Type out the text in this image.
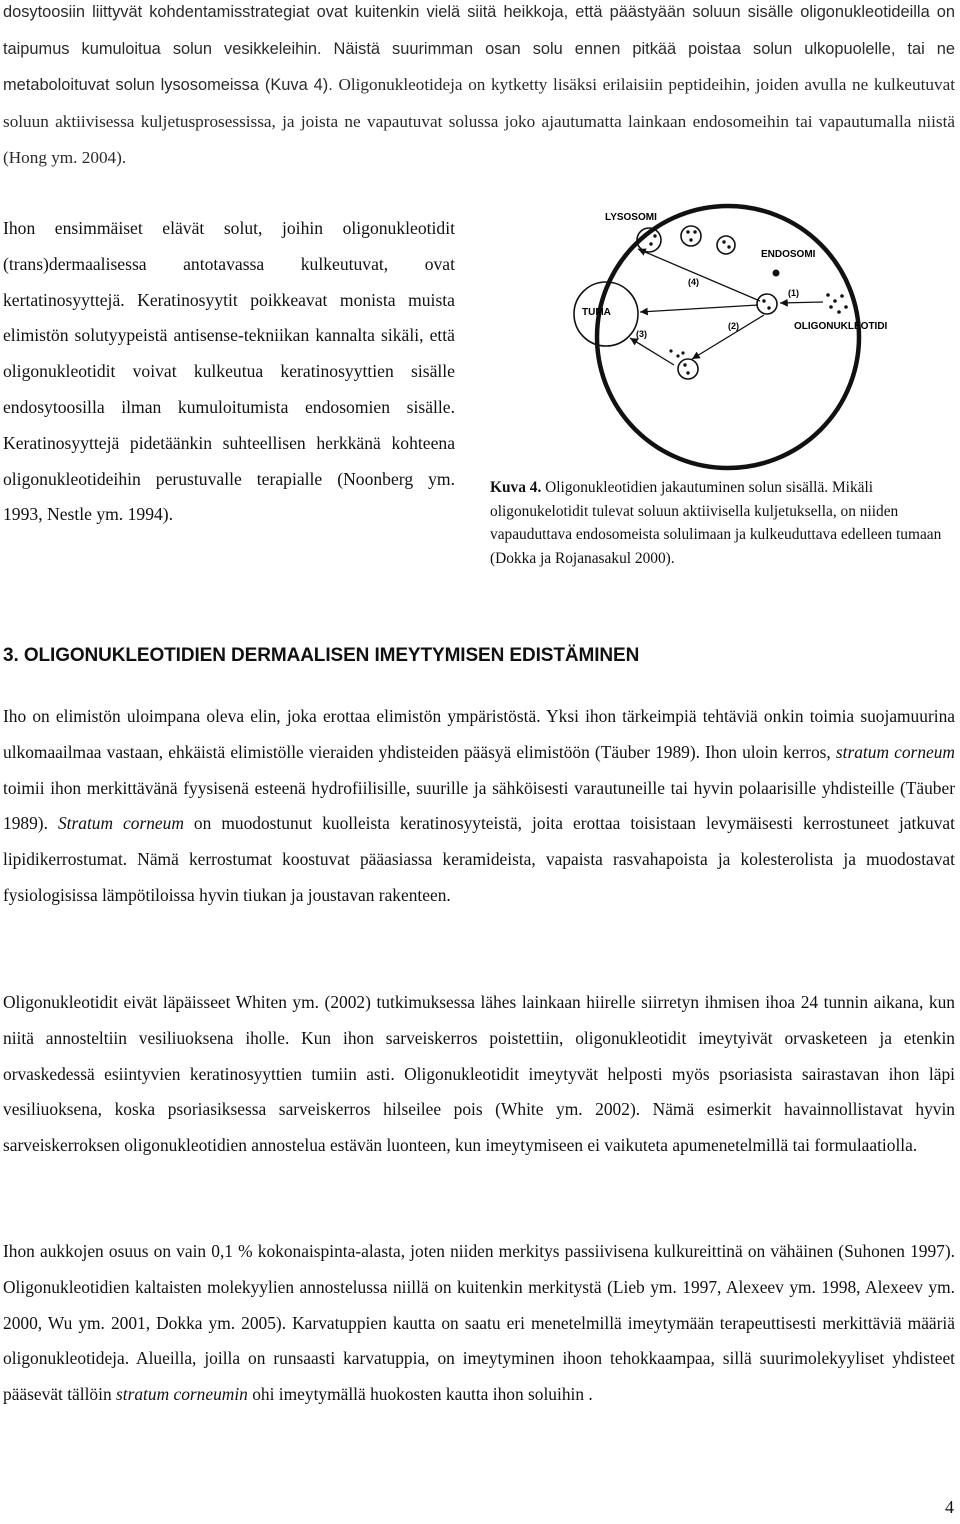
dosytoosiin liittyvät kohdentamisstrategiat ovat kuitenkin vielä siitä heikkoja, että päästyään soluun sisälle oligonukleotideilla on taipumus kumuloitua solun vesikkeleihin. Näistä suurimman osan solu ennen pitkää poistaa solun ulkopuolelle, tai ne metaboloituvat solun lysosomeissa (Kuva 4). Oligonukleotideja on kytketty lisäksi erilaisiin peptideihin, joiden avulla ne kulkeutuvat soluun aktiivisessa kuljetusprosessissa, ja joista ne vapautuvat solussa joko ajautumatta lainkaan endosomeihin tai vapautumalla niistä (Hong ym. 2004).

Ihon ensimmäiset elävät solut, joihin oligonukleotidit (trans)dermaalisessa antotavassa kulkeutuvat, ovat kertatinosyyttejä. Keratinosyytit poikkeavat monista muista elimistön solutyypeistä antisense-tekniikan kannalta sikäli, että oligonukleotidit voivat kulkeutua keratinosyyttien sisälle endosytoosilla ilman kumuloitumista endosomien sisälle. Keratinosyyttejä pidetäänkin suhteellisen herkkänä kohteena oligonukleotideihin perustuvalle terapialle (Noonberg ym. 1993, Nestle ym. 1994).

TUMA
LYSOSOMI
ENDOSOMI
(4)
(1)
(2)
(3)
OLIGONUKLEOTIDI

Kuva 4. Oligonukleotidien jakautuminen solun sisällä. Mikäli oligonukelotidit tulevat soluun aktiivisella kuljetuksella, on niiden vapauduttava endosomeista solulimaan ja kulkeuduttava edelleen tumaan (Dokka ja Rojanasakul 2000).

3. OLIGONUKLEOTIDIEN DERMAALISEN IMEYTYMISEN EDISTÄMINEN

Iho on elimistön uloimpana oleva elin, joka erottaa elimistön ympäristöstä. Yksi ihon tärkeimpiä tehtäviä onkin toimia suojamuurina ulkomaailmaa vastaan, ehkäistä elimistölle vieraiden yhdisteiden pääsyä elimistöön (Täuber 1989). Ihon uloin kerros, stratum corneum toimii ihon merkittävänä fyysisenä esteenä hydrofiilisille, suurille ja sähköisesti varautuneille tai hyvin polaarisille yhdisteille (Täuber 1989). Stratum corneum on muodostunut kuolleista keratinosyyteistä, joita erottaa toisistaan levymäisesti kerrostuneet jatkuvat lipidikerrostumat. Nämä kerrostumat koostuvat pääasiassa keramideista, vapaista rasvahapoista ja kolesterolista ja muodostavat fysiologisissa lämpötiloissa hyvin tiukan ja joustavan rakenteen.

Oligonukleotidit eivät läpäisseet Whiten ym. (2002) tutkimuksessa lähes lainkaan hiirelle siirretyn ihmisen ihoa 24 tunnin aikana, kun niitä annosteltiin vesiliuoksena iholle. Kun ihon sarveiskerros poistettiin, oligonukleotidit imeytyivät orvasketeen ja etenkin orvaskedessä esiintyvien keratinosyyttien tumiin asti. Oligonukleotidit imeytyvät helposti myös psoriasista sairastavan ihon läpi vesiliuoksena, koska psoriasiksessa sarveiskerros hilseilee pois (White ym. 2002). Nämä esimerkit havainnollistavat hyvin sarveiskerroksen oligonukleotidien annostelua estävän luonteen, kun imeytymiseen ei vaikuteta apumenetelmillä tai formulaatiolla.

Ihon aukkojen osuus on vain 0,1 % kokonaispinta-alasta, joten niiden merkitys passiivisena kulkureittinä on vähäinen (Suhonen 1997). Oligonukleotidien kaltaisten molekyylien annostelussa niillä on kuitenkin merkitystä (Lieb ym. 1997, Alexeev ym. 1998, Alexeev ym. 2000, Wu ym. 2001, Dokka ym. 2005). Karvatuppien kautta on saatu eri menetelmillä imeytymään terapeuttisesti merkittäviä määriä oligonukleotideja. Alueilla, joilla on runsaasti karvatuppia, on imeytyminen ihoon tehokkaampaa, sillä suurimolekyyliset yhdisteet pääsevät tällöin stratum corneumin ohi imeytymällä huokosten kautta ihon soluihin .

4
